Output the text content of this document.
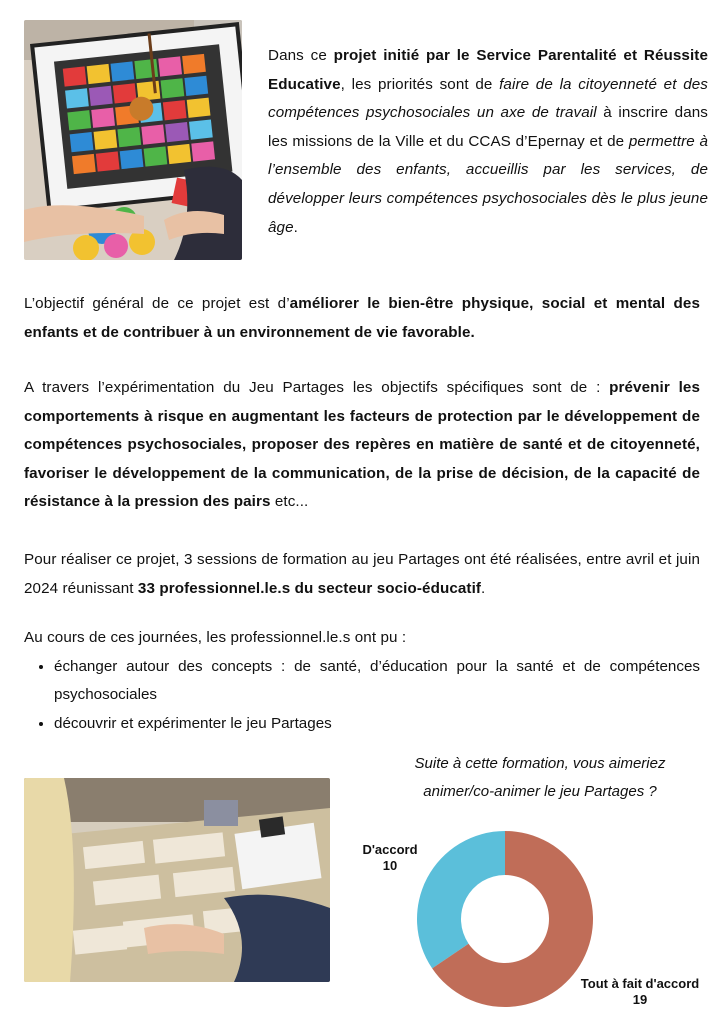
Dans ce projet initié par le Service Parentalité et Réussite Educative, les priorités sont de faire de la citoyenneté et des compétences psychosociales un axe de travail à inscrire dans les missions de la Ville et du CCAS d’Epernay et de permettre à l’ensemble des enfants, accueillis par les services, de développer leurs compétences psychosociales dès le plus jeune âge.

L’objectif général de ce projet est d’améliorer le bien-être physique, social et mental des enfants et de contribuer à un environnement de vie favorable.

A travers l’expérimentation du Jeu Partages les objectifs spécifiques sont de : prévenir les comportements à risque en augmentant les facteurs de protection par le développement de compétences psychosociales, proposer des repères en matière de santé et de citoyenneté, favoriser le développement de la communication, de la prise de décision, de la capacité de résistance à la pression des pairs etc...

Pour réaliser ce projet, 3 sessions de formation au jeu Partages ont été réalisées, entre avril et juin 2024 réunissant 33 professionnel.le.s du secteur socio-éducatif.

Au cours de ces journées, les professionnel.le.s ont pu :

• échanger autour des concepts : de santé, d’éducation pour la santé et de compétences psychosociales
• découvrir et expérimenter le jeu Partages
Suite à cette formation, vous aimeriez animer/co-animer le jeu Partages ?
D'accord
10
Tout à fait d'accord
19
